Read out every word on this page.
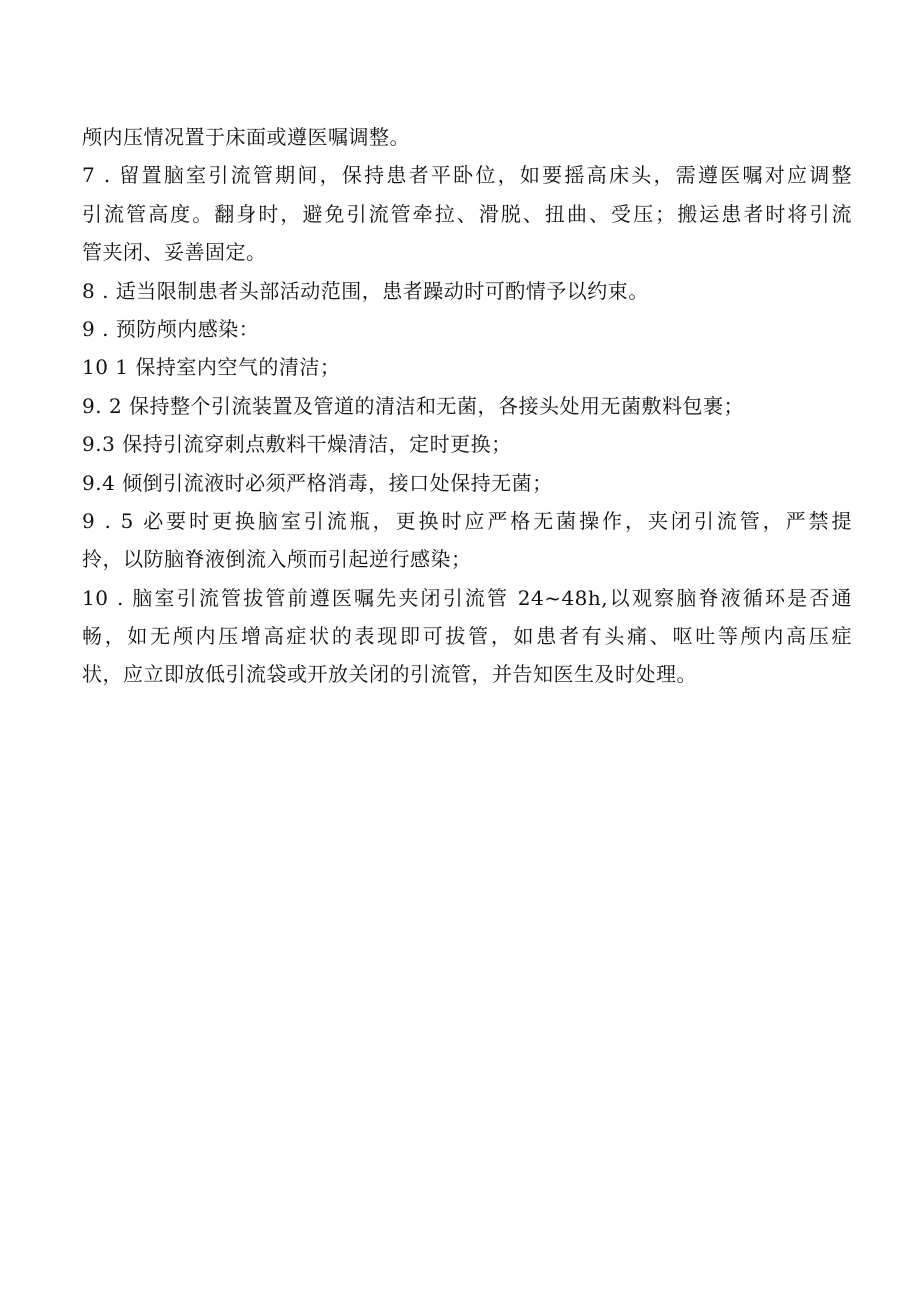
颅内压情况置于床面或遵医嘱调整。
7 . 留置脑室引流管期间，保持患者平卧位，如要摇高床头，需遵医嘱对应调整
引流管高度。翻身时，避免引流管牵拉、滑脱、扭曲、受压；搬运患者时将引流
管夹闭、妥善固定。
8 . 适当限制患者头部活动范围，患者躁动时可酌情予以约束。
9 . 预防颅内感染：
10 1 保持室内空气的清洁；
9. 2 保持整个引流装置及管道的清洁和无菌，各接头处用无菌敷料包裹；
9.3 保持引流穿刺点敷料干燥清洁，定时更换；
9.4 倾倒引流液时必须严格消毒，接口处保持无菌；
9 . 5 必要时更换脑室引流瓶，更换时应严格无菌操作，夹闭引流管，严禁提
拎，以防脑脊液倒流入颅而引起逆行感染；
10 . 脑室引流管拔管前遵医嘱先夹闭引流管 24~48h,以观察脑脊液循环是否通
畅，如无颅内压增高症状的表现即可拔管，如患者有头痛、呕吐等颅内高压症
状，应立即放低引流袋或开放关闭的引流管，并告知医生及时处理。
